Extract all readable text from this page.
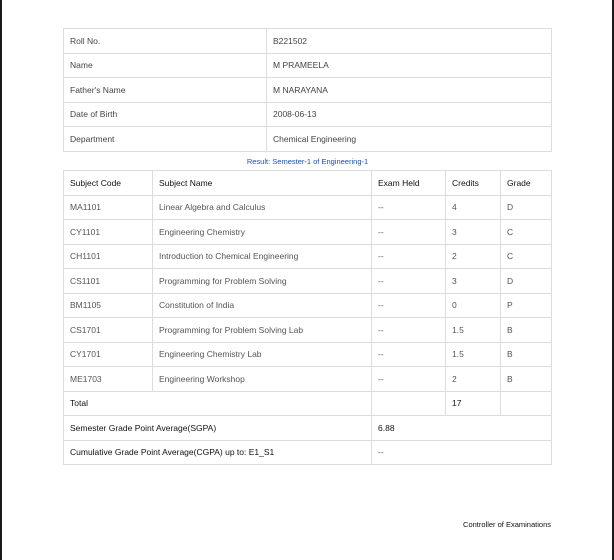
Roll No.	B221502
Name	M PRAMEELA
Father's Name	M NARAYANA
Date of Birth	2008-06-13
Department	Chemical Engineering
Result: Semester-1 of Engineering-1
Subject Code	Subject Name	Exam Held	Credits	Grade
MA1101	Linear Algebra and Calculus	--	4	D
CY1101	Engineering Chemistry	--	3	C
CH1101	Introduction to Chemical Engineering	--	2	C
CS1101	Programming for Problem Solving	--	3	D
BM1105	Constitution of India	--	0	P
CS1701	Programming for Problem Solving Lab	--	1.5	B
CY1701	Engineering Chemistry Lab	--	1.5	B
ME1703	Engineering Workshop	--	2	B
Total			17	
Semester Grade Point Average(SGPA)		6.88		
Cumulative Grade Point Average(CGPA) up to: E1_S1		--		
Controller of Examinations
